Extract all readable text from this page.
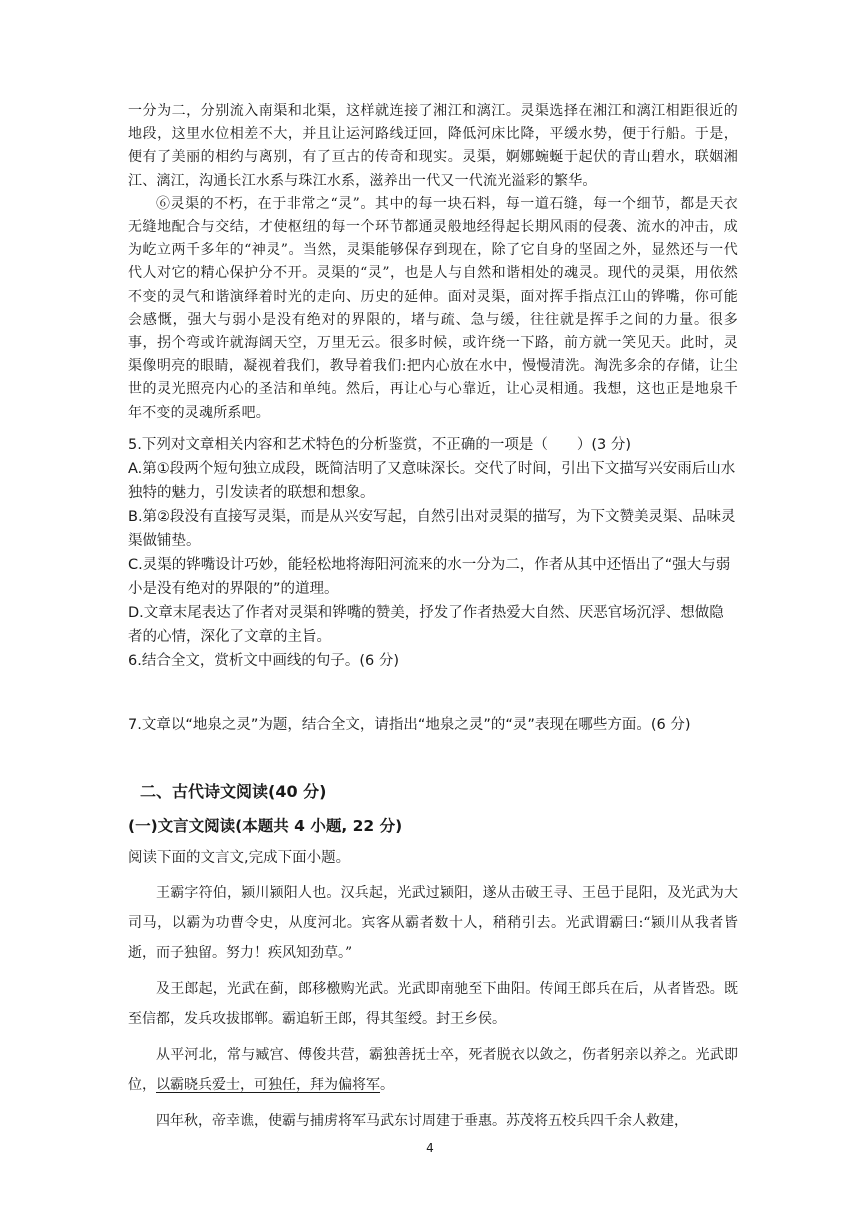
一分为二，分别流入南渠和北渠，这样就连接了湘江和漓江。灵渠选择在湘江和漓江相距很近的地段，这里水位相差不大，并且让运河路线迂回，降低河床比降，平缓水势，便于行船。于是，便有了美丽的相约与离别，有了亘古的传奇和现实。灵渠，婀娜蜿蜒于起伏的青山碧水，联姻湘江、漓江，沟通长江水系与珠江水系，滋养出一代又一代流光溢彩的繁华。

⑥灵渠的不朽，在于非常之“灵”。其中的每一块石料，每一道石缝，每一个细节，都是天衣无缝地配合与交结，才使枢纽的每一个环节都通灵般地经得起长期风雨的侵袭、流水的冲击，成为屹立两千多年的“神灵”。当然，灵渠能够保存到现在，除了它自身的坚固之外，显然还与一代代人对它的精心保护分不开。灵渠的“灵”，也是人与自然和谐相处的魂灵。现代的灵渠，用依然不变的灵气和谐演绎着时光的走向、历史的延伸。面对灵渠，面对挥手指点江山的铧嘴，你可能会感慨，强大与弱小是没有绝对的界限的，堵与疏、急与缓，往往就是挥手之间的力量。很多事，拐个弯或许就海阔天空，万里无云。很多时候，或许绕一下路，前方就一笑见天。此时，灵渠像明亮的眼睛，凝视着我们，教导着我们:把内心放在水中，慢慢清洗。淘洗多余的存储，让尘世的灵光照亮内心的圣洁和单纯。然后，再让心与心靠近，让心灵相通。我想，这也正是地泉千年不变的灵魂所系吧。

5.下列对文章相关内容和艺术特色的分析鉴赏，不正确的一项是（　　）(3 分)

A.第①段两个短句独立成段，既简洁明了又意味深长。交代了时间，引出下文描写兴安雨后山水独特的魅力，引发读者的联想和想象。

B.第②段没有直接写灵渠，而是从兴安写起，自然引出对灵渠的描写，为下文赞美灵渠、品味灵渠做铺垫。

C.灵渠的铧嘴设计巧妙，能轻松地将海阳河流来的水一分为二，作者从其中还悟出了“强大与弱小是没有绝对的界限的”的道理。

D.文章末尾表达了作者对灵渠和铧嘴的赞美，抒发了作者热爱大自然、厌恶官场沉浮、想做隐者的心情，深化了文章的主旨。

6.结合全文，赏析文中画线的句子。(6 分)

7.文章以“地泉之灵”为题，结合全文，请指出“地泉之灵”的“灵”表现在哪些方面。(6 分)

二、古代诗文阅读(40 分)

(一)文言文阅读(本题共 4 小题, 22 分)

阅读下面的文言文,完成下面小题。

王霸字符伯，颍川颍阳人也。汉兵起，光武过颍阳，遂从击破王寻、王邑于昆阳，及光武为大司马，以霸为功曹令史，从度河北。宾客从霸者数十人，稍稍引去。光武谓霸曰:“颍川从我者皆逝，而子独留。努力！疾风知劲草。”

及王郎起，光武在蓟，郎移檄购光武。光武即南驰至下曲阳。传闻王郎兵在后，从者皆恐。既至信都，发兵攻拔邯郸。霸追斩王郎，得其玺绶。封王乡侯。

从平河北，常与臧宫、傅俊共营，霸独善抚士卒，死者脱衣以敛之，伤者躬亲以养之。光武即位，以霸晓兵爱士，可独任，拜为偏将军。

四年秋，帝幸谯，使霸与捕虏将军马武东讨周建于垂惠。苏茂将五校兵四千余人救建，

4
